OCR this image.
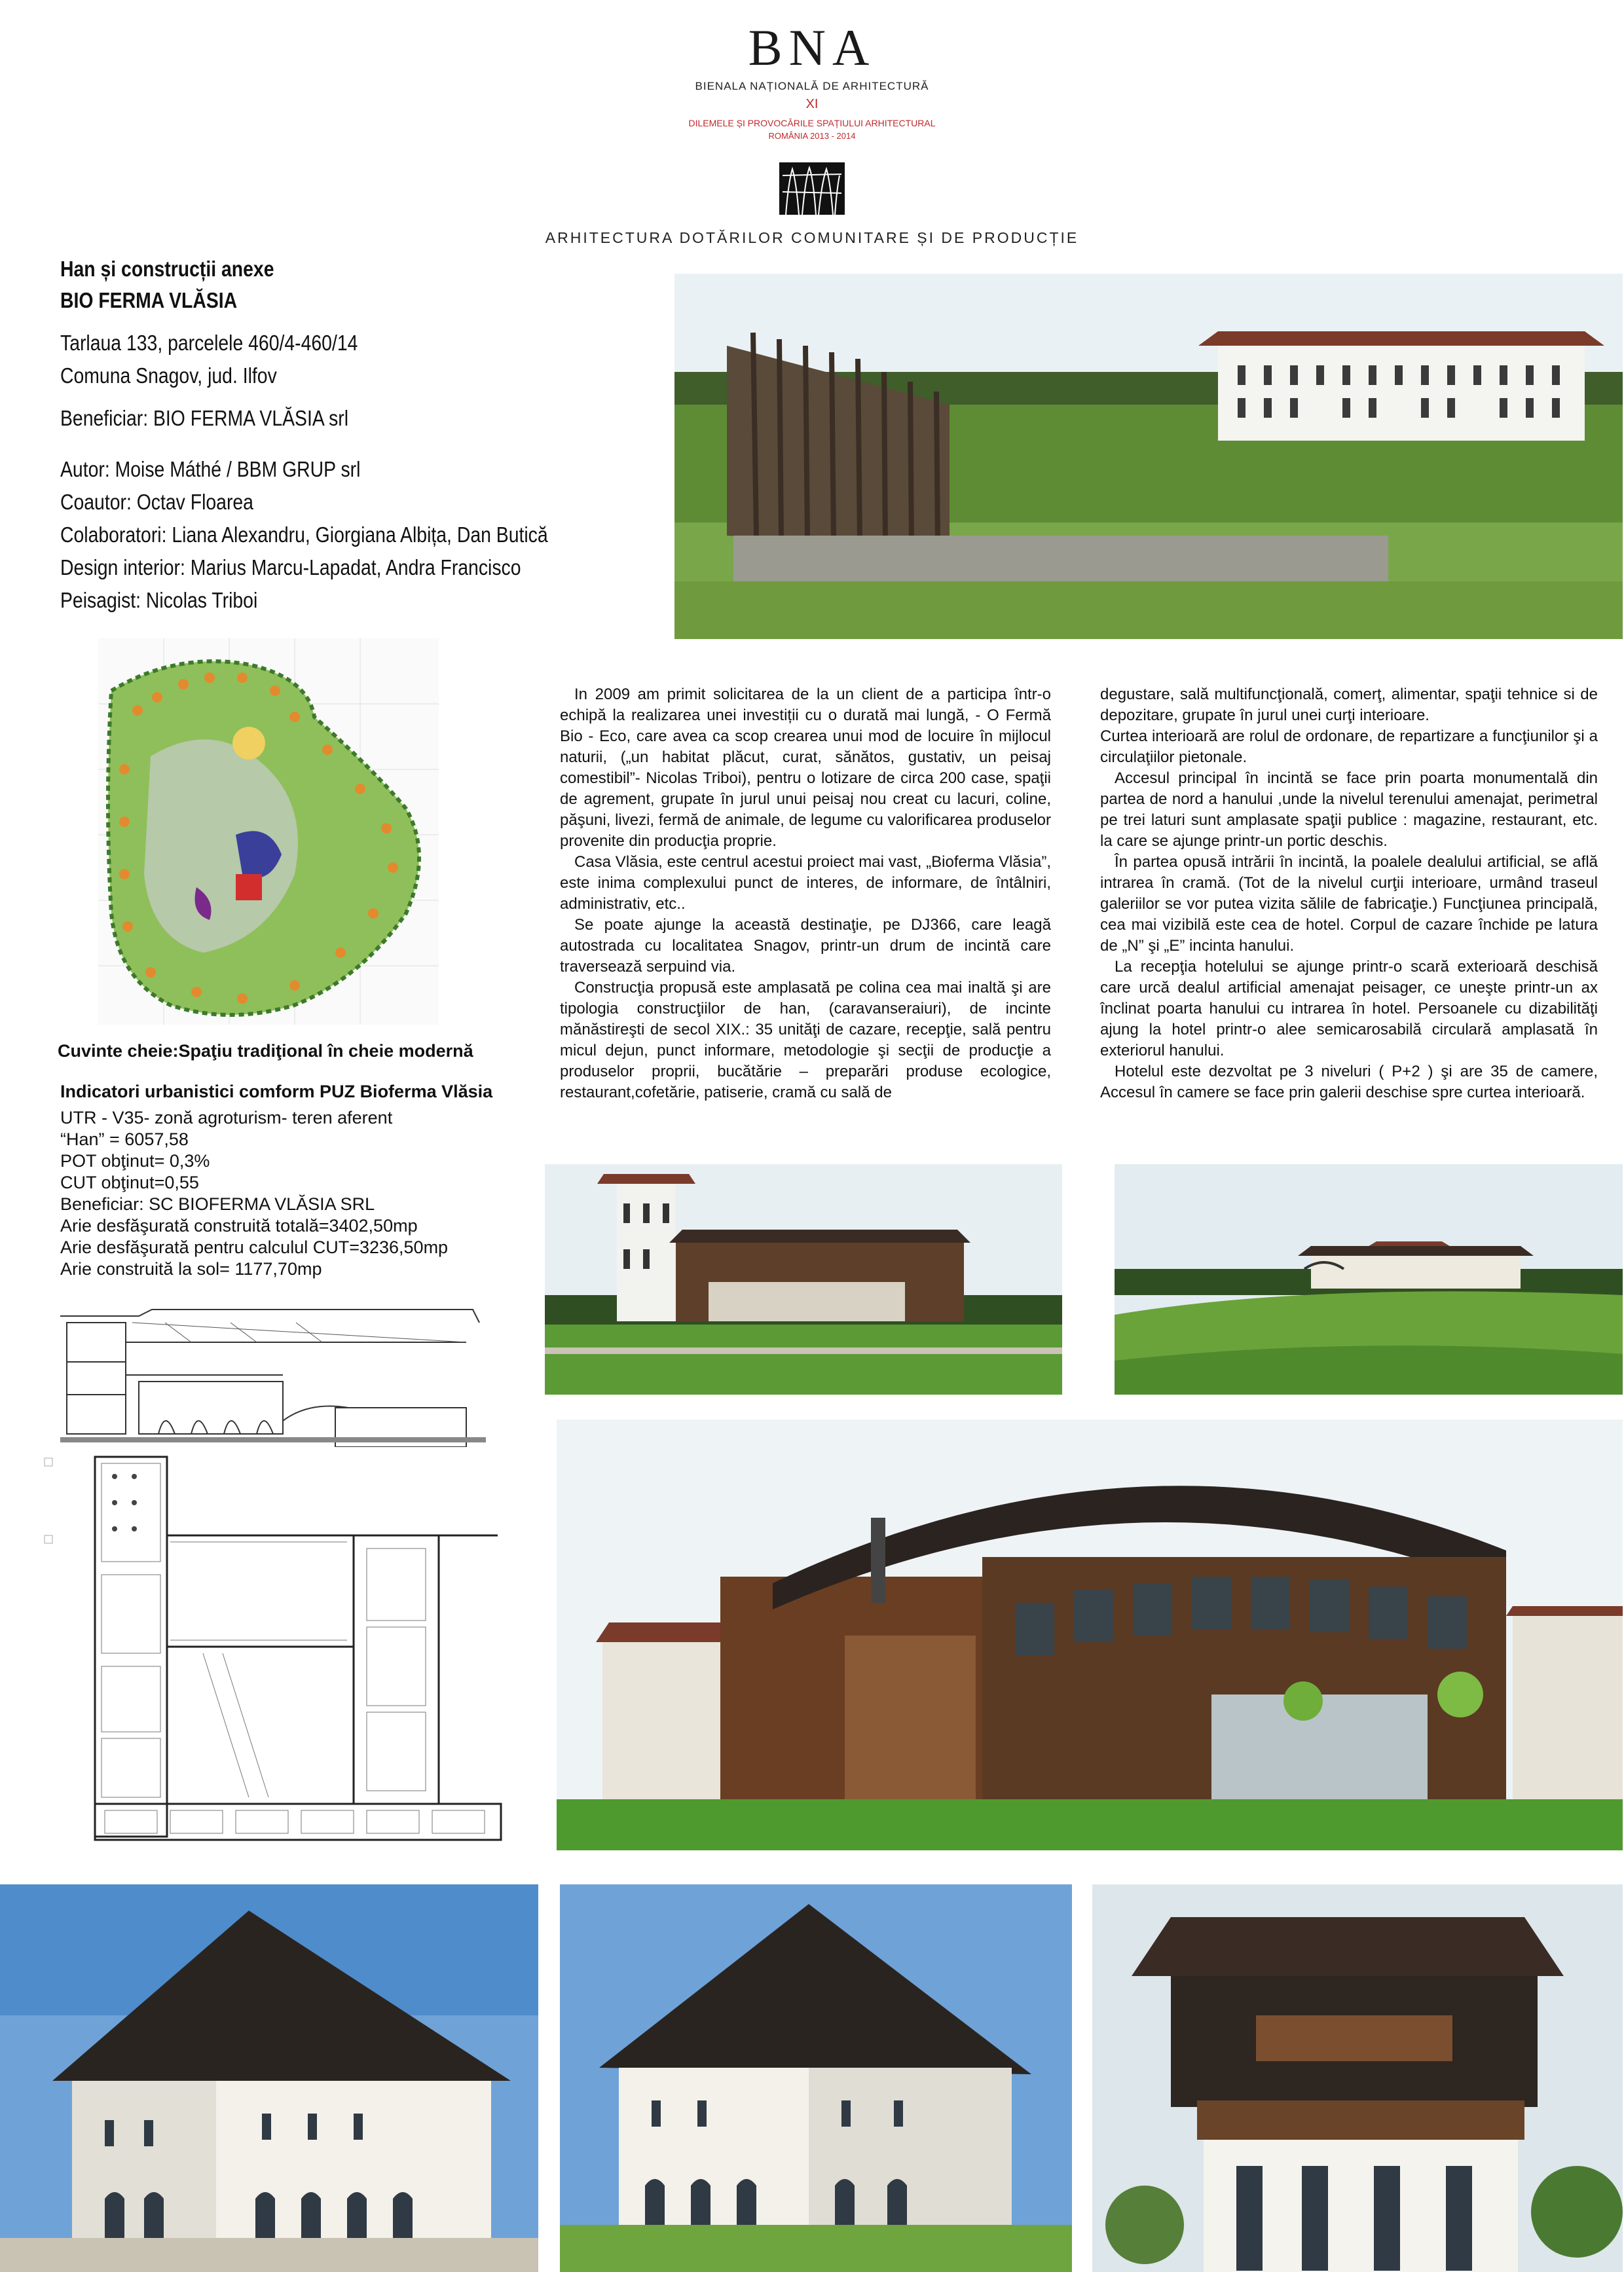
BNA
BIENALA NAȚIONALĂ DE ARHITECTURĂ
XI
DILEMELE ȘI PROVOCĂRILE SPAȚIULUI ARHITECTURAL
ROMÂNIA 2013 - 2014
ARHITECTURA DOTĂRILOR COMUNITARE ȘI DE PRODUCȚIE
Han și construcții anexe
BIO FERMA VLĂSIA
Tarlaua 133, parcelele 460/4-460/14
Comuna Snagov, jud. Ilfov
Beneficiar: BIO FERMA VLĂSIA srl
Autor: Moise Máthé / BBM GRUP srl
Coautor: Octav Floarea
Colaboratori: Liana Alexandru, Giorgiana Albița, Dan Butică
Design interior: Marius Marcu-Lapadat, Andra Francisco
Peisagist: Nicolas Triboi
Cuvinte cheie:Spaţiu tradiţional în cheie modernă
Indicatori urbanistici comform PUZ Bioferma Vlăsia
UTR - V35- zonă agroturism- teren aferent
“Han” = 6057,58
POT obţinut= 0,3%
CUT obţinut=0,55
Beneficiar: SC BIOFERMA VLĂSIA SRL
Arie desfăşurată construită totală=3402,50mp
Arie desfăşurată pentru calculul CUT=3236,50mp
Arie construită la sol= 1177,70mp

In 2009 am primit solicitarea de la un client de a participa într-o echipă la realizarea unei investiții cu o durată mai lungă, - O Fermă Bio - Eco, care avea ca scop crearea unui mod de locuire în mijlocul naturii, („un habitat plăcut, curat, sănătos, gustativ, un peisaj comestibil”- Nicolas Triboi), pentru o lotizare de circa 200 case, spaţii de agrement, grupate în jurul unui peisaj nou creat cu lacuri, coline, păşuni, livezi, fermă de animale, de legume cu valorificarea produselor provenite din producţia proprie.

Casa Vlăsia, este centrul acestui proiect mai vast, „Bioferma Vlăsia”, este inima complexului punct de interes, de informare, de întâlniri, administrativ, etc..

Se poate ajunge la această destinaţie, pe DJ366, care leagă autostrada cu localitatea Snagov, printr-un drum de incintă care traversează serpuind via.

Construcţia propusă este amplasată pe colina cea mai inaltă şi are tipologia construcţiilor de han, (caravanseraiuri), de incinte mănăstireşti de secol XIX.: 35 unităţi de cazare, recepţie, sală pentru micul dejun, punct informare, metodologie şi secţii de producţie a produselor proprii, bucătărie – preparări produse ecologice, restaurant,cofetărie, patiserie, cramă cu sală de

degustare, sală multifuncţională, comerţ, alimentar, spaţii tehnice si de depozitare, grupate în jurul unei curţi interioare.

Curtea interioară are rolul de ordonare, de repartizare a funcţiunilor şi a circulaţiilor pietonale.

Accesul principal în incintă se face prin poarta monumentală din partea de nord a hanului ,unde la nivelul terenului amenajat, perimetral pe trei laturi sunt amplasate spaţii publice : magazine, restaurant, etc. la care se ajunge printr-un portic deschis.

În partea opusă intrării în incintă, la poalele dealului artificial, se află intrarea în cramă. (Tot de la nivelul curţii interioare, urmând traseul galeriilor se vor putea vizita sălile de fabricaţie.) Funcţiunea principală, cea mai vizibilă este cea de hotel. Corpul de cazare închide pe latura de „N” şi „E” incinta hanului.

La recepţia hotelului se ajunge printr-o scară exterioară deschisă care urcă dealul artificial amenajat peisager, ce uneşte printr-un ax înclinat poarta hanului cu intrarea în hotel. Persoanele cu dizabilităţi ajung la hotel printr-o alee semicarosabilă circulară amplasată în exteriorul hanului.

Hotelul este dezvoltat pe 3 niveluri ( P+2 ) şi are 35 de camere, Accesul în camere se face prin galerii deschise spre curtea interioară.
